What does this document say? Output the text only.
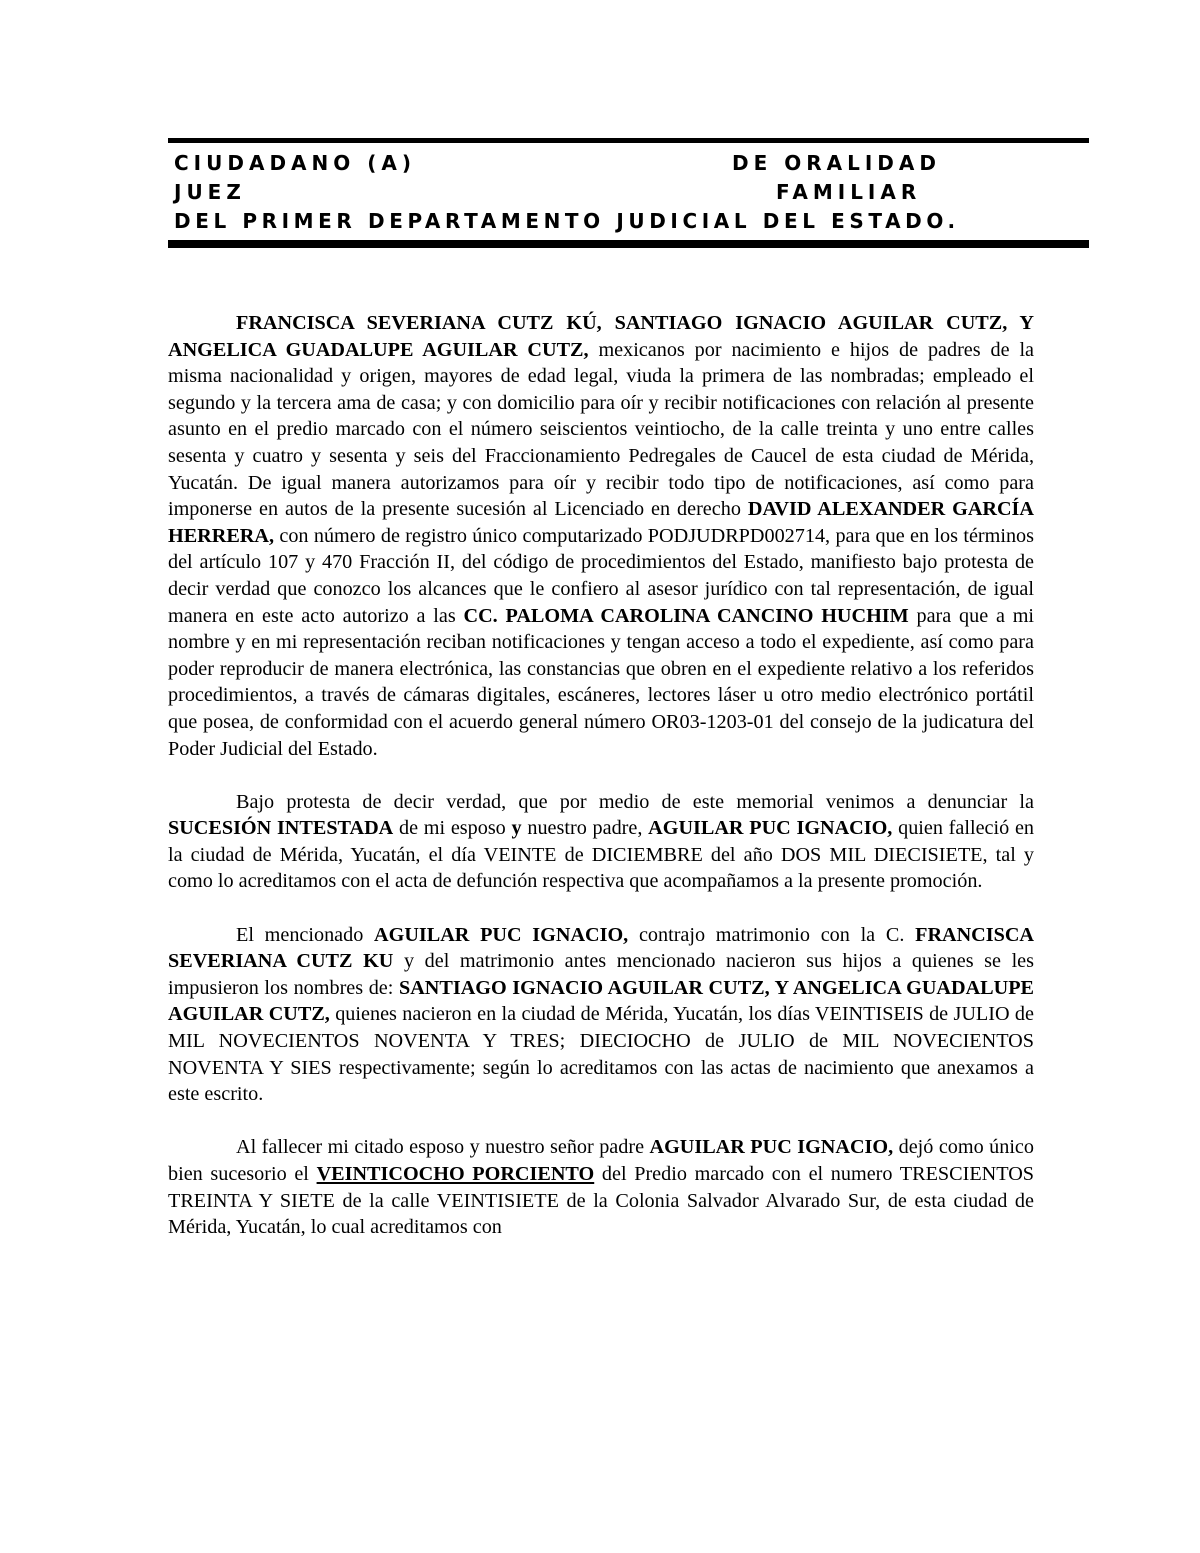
CIUDADANO (A)	DE ORALIDAD
JUEZ	FAMILIAR
DEL PRIMER DEPARTAMENTO JUDICIAL DEL ESTADO.

FRANCISCA SEVERIANA CUTZ KÚ, SANTIAGO IGNACIO AGUILAR CUTZ, Y ANGELICA GUADALUPE AGUILAR CUTZ, mexicanos por nacimiento e hijos de padres de la misma nacionalidad y origen, mayores de edad legal, viuda la primera de las nombradas; empleado el segundo y la tercera ama de casa; y con domicilio para oír y recibir notificaciones con relación al presente asunto en el predio marcado con el número seiscientos veintiocho, de la calle treinta y uno entre calles sesenta y cuatro y sesenta y seis del Fraccionamiento Pedregales de Caucel de esta ciudad de Mérida, Yucatán. De igual manera autorizamos para oír y recibir todo tipo de notificaciones, así como para imponerse en autos de la presente sucesión al Licenciado en derecho DAVID ALEXANDER GARCÍA HERRERA, con número de registro único computarizado PODJUDRPD002714, para que en los términos del artículo 107 y 470 Fracción II, del código de procedimientos del Estado, manifiesto bajo protesta de decir verdad que conozco los alcances que le confiero al asesor jurídico con tal representación, de igual manera en este acto autorizo a las CC. PALOMA CAROLINA CANCINO HUCHIM para que a mi nombre y en mi representación reciban notificaciones y tengan acceso a todo el expediente, así como para poder reproducir de manera electrónica, las constancias que obren en el expediente relativo a los referidos procedimientos, a través de cámaras digitales, escáneres, lectores láser u otro medio electrónico portátil que posea, de conformidad con el acuerdo general número OR03-1203-01 del consejo de la judicatura del Poder Judicial del Estado.

Bajo protesta de decir verdad, que por medio de este memorial venimos a denunciar la SUCESIÓN INTESTADA de mi esposo y nuestro padre, AGUILAR PUC IGNACIO, quien falleció en la ciudad de Mérida, Yucatán, el día VEINTE de DICIEMBRE del año DOS MIL DIECISIETE, tal y como lo acreditamos con el acta de defunción respectiva que acompañamos a la presente promoción.

El mencionado AGUILAR PUC IGNACIO, contrajo matrimonio con la C. FRANCISCA SEVERIANA CUTZ KU y del matrimonio antes mencionado nacieron sus hijos a quienes se les impusieron los nombres de: SANTIAGO IGNACIO AGUILAR CUTZ, Y ANGELICA GUADALUPE AGUILAR CUTZ, quienes nacieron en la ciudad de Mérida, Yucatán, los días VEINTISEIS de JULIO de MIL NOVECIENTOS NOVENTA Y TRES; DIECIOCHO de JULIO de MIL NOVECIENTOS NOVENTA Y SIES respectivamente; según lo acreditamos con las actas de nacimiento que anexamos a este escrito.

Al fallecer mi citado esposo y nuestro señor padre AGUILAR PUC IGNACIO, dejó como único bien sucesorio el VEINTICOCHO PORCIENTO del Predio marcado con el numero TRESCIENTOS TREINTA Y SIETE de la calle VEINTISIETE de la Colonia Salvador Alvarado Sur, de esta ciudad de Mérida, Yucatán, lo cual acreditamos con
